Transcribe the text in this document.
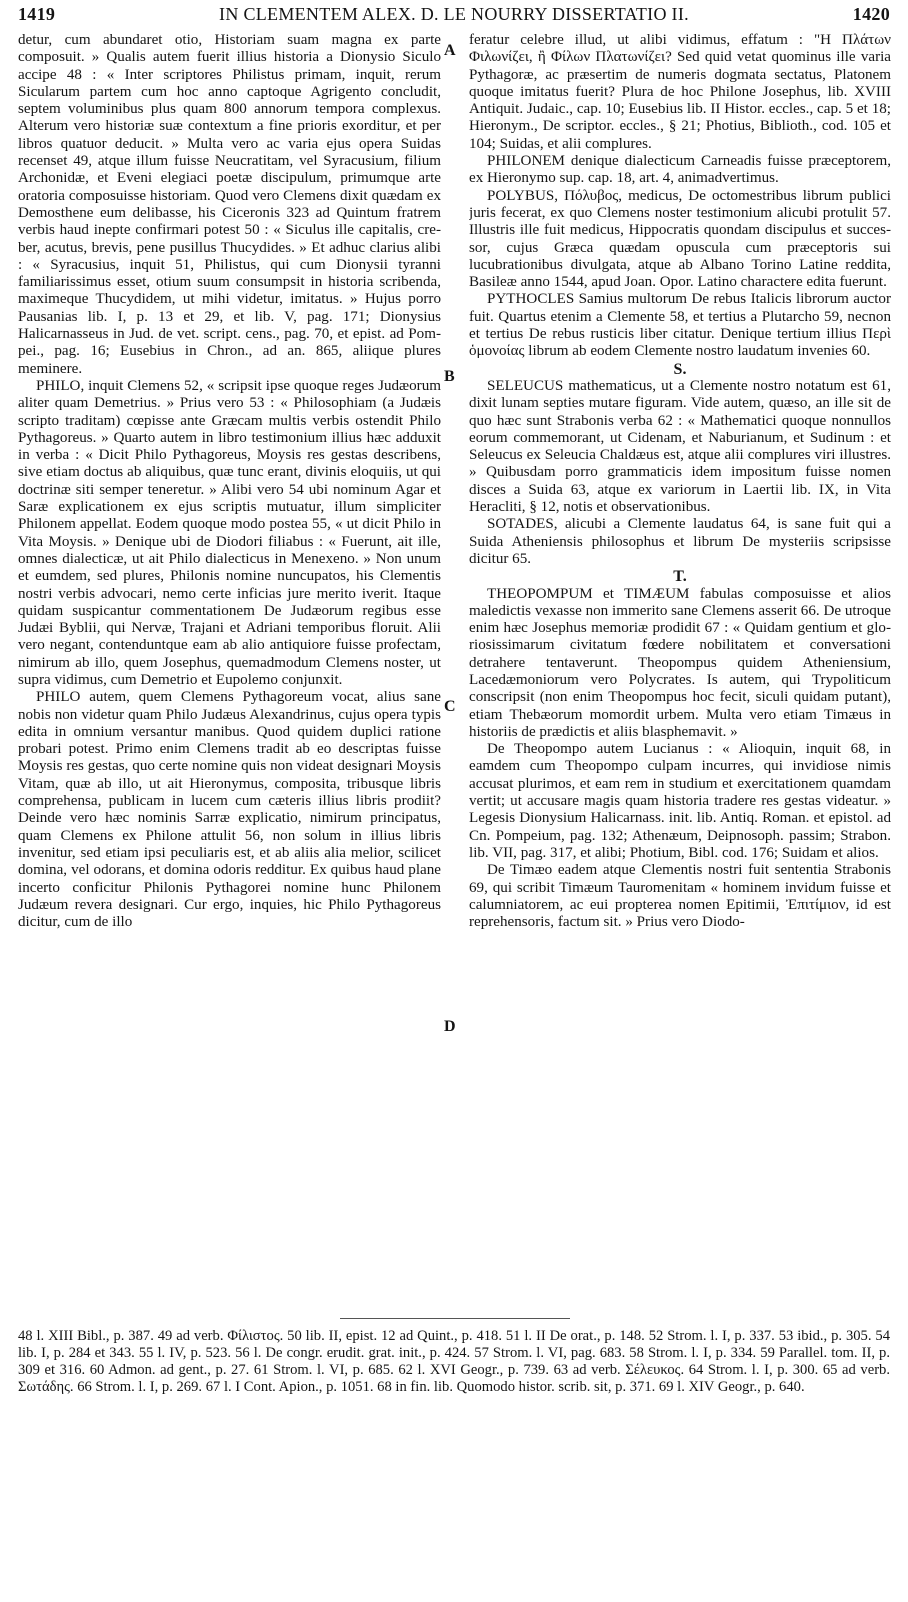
1419	IN CLEMENTEM ALEX. D. LE NOURRY DISSERTATIO II.	1420
A
B
C
D

detur, cum abundaret otio, Historiam suam magna ex parte composuit. » Qualis autem fuerit illius historia a Dionysio Siculo accipe 48 : « Inter scriptores Philistus primam, inquit, rerum Sicularum partem cum hoc anno captoque Agrigento concludit, septem voluminibus plus quam 800 annorum tempora complexus. Alterum vero historiæ suæ contextum a fine prioris exorditur, et per libros quatuor deducit. » Multa vero ac varia ejus opera Suidas recenset 49, atque illum fuisse Neucratitam, vel Syracusium, filium Archonidæ, et Eveni elegiaci poetæ discipulum, primumque arte oratoria composuisse historiam. Quod vero Clemens dixit quædam ex Demosthene eum delibasse, his Ciceronis 323 ad Quintum fratrem verbis haud inepte confirmari potest 50 : « Siculus ille capitalis, creber, acutus, brevis, pene pusillus Thucydides. » Et adhuc clarius alibi : « Syracusius, inquit 51, Philistus, qui cum Dionysii tyranni familiarissimus esset, otium suum consumpsit in historia scribenda, maximeque Thucydidem, ut mihi videtur, imitatus. » Hujus porro Pausanias lib. I, p. 13 et 29, et lib. V, pag. 171; Dionysius Halicarnasseus in Jud. de vet. script. cens., pag. 70, et epist. ad Pompei., pag. 16; Eusebius in Chron., ad an. 865, aliique plures meminere.

PHILO, inquit Clemens 52, « scripsit ipse quoque reges Judæorum aliter quam Demetrius. » Prius vero 53 : « Philosophiam (a Judæis scripto traditam) cœpisse ante Græcam multis verbis ostendit Philo Pythagoreus. » Quarto autem in libro testimonium illius hæc adduxit in verba : « Dicit Philo Pythagoreus, Moysis res gestas describens, sive etiam doctus ab aliquibus, quæ tunc erant, divinis eloquiis, ut qui doctrinæ siti semper teneretur. » Alibi vero 54 ubi nominum Agar et Saræ explicationem ex ejus scriptis mutuatur, illum simpliciter Philonem appellat. Eodem quoque modo postea 55, « ut dicit Philo in Vita Moysis. » Denique ubi de Diodori filiabus : « Fuerunt, ait ille, omnes dialecticæ, ut ait Philo dialecticus in Menexeno. » Non unum et eumdem, sed plures, Philonis nomine nuncupatos, his Clementis nostri verbis advocari, nemo certe inficias jure merito iverit. Itaque quidam suspicantur commentationem De Judæorum regibus esse Judæi Byblii, qui Nervæ, Trajani et Adriani temporibus floruit. Alii vero negant, contenduntque eam ab alio antiquiore fuisse profectam, nimirum ab illo, quem Josephus, quemadmodum Clemens noster, ut supra vidimus, cum Demetrio et Eupolemo conjunxit.

PHILO autem, quem Clemens Pythagoreum vocat, alius sane nobis non videtur quam Philo Judæus Alexandrinus, cujus opera typis edita in omnium versantur manibus. Quod quidem duplici ratione probari potest. Primo enim Clemens tradit ab eo descriptas fuisse Moysis res gestas, quo certe nomine quis non videat designari Moysis Vitam, quæ ab illo, ut ait Hieronymus, composita, tribusque libris comprehensa, publicam in lucem cum cæteris illius libris prodiit? Deinde vero hæc nominis Sarræ explicatio, nimirum principatus, quam Clemens ex Philone attulit 56, non solum in illius libris invenitur, sed etiam ipsi peculiaris est, et ab aliis alia melior, scilicet domina, vel odorans, et domina odoris redditur. Ex quibus haud plane incerto conficitur Philonis Pythagorei nomine hunc Philonem Judæum revera designari. Cur ergo, inquies, hic Philo Pythagoreus dicitur, cum de illo

feratur celebre illud, ut alibi vidimus, effatum : "Η Πλάτων Φιλωνίζει, ἢ Φίλων Πλατωνίζει? Sed quid vetat quominus ille varia Pythagoræ, ac præsertim de numeris dogmata sectatus, Platonem quoque imitatus fuerit? Plura de hoc Philone Josephus, lib. XVIII Antiquit. Judaic., cap. 10; Eusebius lib. II Histor. eccles., cap. 5 et 18; Hieronym., De scriptor. eccles., § 21; Photius, Biblioth., cod. 105 et 104; Suidas, et alii complures.

PHILONEM denique dialecticum Carneadis fuisse præceptorem, ex Hieronymo sup. cap. 18, art. 4, animadvertimus.

POLYBUS, Πόλυβος, medicus, De octomestribus librum publici juris fecerat, ex quo Clemens noster testimonium alicubi protulit 57. Illustris ille fuit medicus, Hippocratis quondam discipulus et successor, cujus Græca quædam opuscula cum præceptoris sui lucubrationibus divulgata, atque ab Albano Torino Latine reddita, Basileæ anno 1544, apud Joan. Opor. Latino charactere edita fuerunt.

PYTHOCLES Samius multorum De rebus Italicis librorum auctor fuit. Quartus etenim a Clemente 58, et tertius a Plutarcho 59, necnon et tertius De rebus rusticis liber citatur. Denique tertium illius Περὶ ὁμονοίας librum ab eodem Clemente nostro laudatum invenies 60.

S.

SELEUCUS mathematicus, ut a Clemente nostro notatum est 61, dixit lunam septies mutare figuram. Vide autem, quæso, an ille sit de quo hæc sunt Strabonis verba 62 : « Mathematici quoque nonnullos eorum commemorant, ut Cidenam, et Naburianum, et Sudinum : et Seleucus ex Seleucia Chaldæus est, atque alii complures viri illustres. » Quibusdam porro grammaticis idem impositum fuisse nomen disces a Suida 63, atque ex variorum in Laertii lib. IX, in Vita Heracliti, § 12, notis et observationibus.

SOTADES, alicubi a Clemente laudatus 64, is sane fuit qui a Suida Atheniensis philosophus et librum De mysteriis scripsisse dicitur 65.

T.

THEOPOMPUM et TIMÆUM fabulas composuisse et alios maledictis vexasse non immerito sane Clemens asserit 66. De utroque enim hæc Josephus memoriæ prodidit 67 : « Quidam gentium et gloriosissimarum civitatum fœdere nobilitatem et conversationi detrahere tentaverunt. Theopompus quidem Atheniensium, Lacedæmoniorum vero Polycrates. Is autem, qui Trypoliticum conscripsit (non enim Theopompus hoc fecit, siculi quidam putant), etiam Thebæorum momordit urbem. Multa vero etiam Timæus in historiis de prædictis et aliis blasphemavit. »

De Theopompo autem Lucianus : « Alioquin, inquit 68, in eamdem cum Theopompo culpam incurres, qui invidiose nimis accusat plurimos, et eam rem in studium et exercitationem quamdam vertit; ut accusare magis quam historia tradere res gestas videatur. » Legesis Dionysium Halicarnass. init. lib. Antiq. Roman. et epistol. ad Cn. Pompeium, pag. 132; Athenæum, Deipnosoph. passim; Strabon. lib. VII, pag. 317, et alibi; Photium, Bibl. cod. 176; Suidam et alios.

De Timæo eadem atque Clementis nostri fuit sententia Strabonis 69, qui scribit Timæum Tauromenitam « hominem invidum fuisse et calumniatorem, ac eui propterea nomen Epitimii, Ἐπιτίμιον, id est reprehensoris, factum sit. » Prius vero Diodo-

48 l. XIII Bibl., p. 387. 49 ad verb. Φίλιστος. 50 lib. II, epist. 12 ad Quint., p. 418. 51 l. II De orat., p. 148. 52 Strom. l. I, p. 337. 53 ibid., p. 305. 54 lib. I, p. 284 et 343. 55 l. IV, p. 523. 56 l. De congr. erudit. grat. init., p. 424. 57 Strom. l. VI, pag. 683. 58 Strom. l. I, p. 334. 59 Parallel. tom. II, p. 309 et 316. 60 Admon. ad gent., p. 27. 61 Strom. l. VI, p. 685. 62 l. XVI Geogr., p. 739. 63 ad verb. Σέλευκος. 64 Strom. l. I, p. 300. 65 ad verb. Σωτάδης. 66 Strom. l. I, p. 269. 67 l. I Cont. Apion., p. 1051. 68 in fin. lib. Quomodo histor. scrib. sit, p. 371. 69 l. XIV Geogr., p. 640.
